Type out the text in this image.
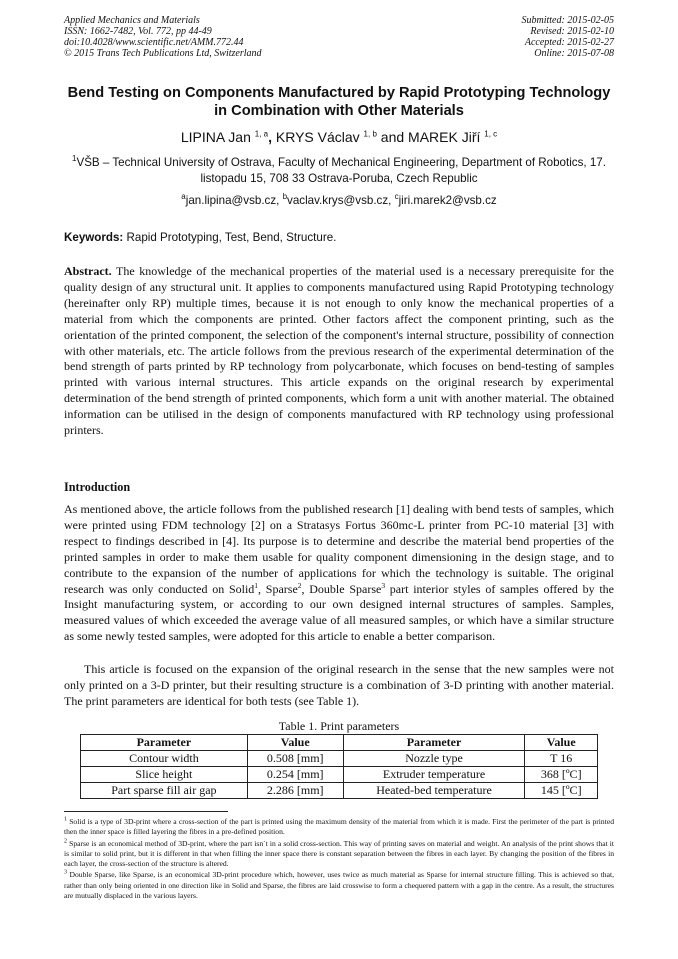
Applied Mechanics and Materials
ISSN: 1662-7482, Vol. 772, pp 44-49
doi:10.4028/www.scientific.net/AMM.772.44
© 2015 Trans Tech Publications Ltd, Switzerland
Submitted: 2015-02-05
Revised: 2015-02-10
Accepted: 2015-02-27
Online: 2015-07-08
Bend Testing on Components Manufactured by Rapid Prototyping Technology in Combination with Other Materials
LIPINA Jan $^{1, a}$, KRYS Václav $^{1, b}$ and MAREK Jiří $^{1, c}$
$^1$VŠB – Technical University of Ostrava, Faculty of Mechanical Engineering, Department of Robotics, 17. listopadu 15, 708 33 Ostrava-Poruba, Czech Republic
$^a$jan.lipina@vsb.cz, $^b$vaclav.krys@vsb.cz, $^c$jiri.marek2@vsb.cz
Keywords: Rapid Prototyping, Test, Bend, Structure.
Abstract. The knowledge of the mechanical properties of the material used is a necessary prerequisite for the quality design of any structural unit. It applies to components manufactured using Rapid Prototyping technology (hereinafter only RP) multiple times, because it is not enough to only know the mechanical properties of a material from which the components are printed. Other factors affect the component printing, such as the orientation of the printed component, the selection of the component's internal structure, possibility of connection with other materials, etc. The article follows from the previous research of the experimental determination of the bend strength of parts printed by RP technology from polycarbonate, which focuses on bend-testing of samples printed with various internal structures. This article expands on the original research by experimental determination of the bend strength of printed components, which form a unit with another material. The obtained information can be utilised in the design of components manufactured with RP technology using professional printers.
Introduction
As mentioned above, the article follows from the published research [1] dealing with bend tests of samples, which were printed using FDM technology [2] on a Stratasys Fortus 360mc-L printer from PC-10 material [3] with respect to findings described in [4]. Its purpose is to determine and describe the material bend properties of the printed samples in order to make them usable for quality component dimensioning in the design stage, and to contribute to the expansion of the number of applications for which the technology is suitable. The original research was only conducted on Solid$^1$, Sparse$^2$, Double Sparse$^3$ part interior styles of samples offered by the Insight manufacturing system, or according to our own designed internal structures of samples. Samples, measured values of which exceeded the average value of all measured samples, or which have a similar structure as some newly tested samples, were adopted for this article to enable a better comparison.
This article is focused on the expansion of the original research in the sense that the new samples were not only printed on a 3-D printer, but their resulting structure is a combination of 3-D printing with another material. The print parameters are identical for both tests (see Table 1).
Table 1. Print parameters
Parameter	Value	Parameter	Value
Contour width	0.508 [mm]	Nozzle type	T 16
Slice height	0.254 [mm]	Extruder temperature	368 [ºC]
Part sparse fill air gap	2.286 [mm]	Heated-bed temperature	145 [ºC]

$^1$ Solid is a type of 3D-print where a cross-section of the part is printed using the maximum density of the material from which it is made. First the perimeter of the part is printed then the inner space is filled layering the fibres in a pre-defined position.

$^2$ Sparse is an economical method of 3D-print, where the part isn´t in a solid cross-section. This way of printing saves on material and weight. An analysis of the print shows that it is similar to solid print, but it is different in that when filling the inner space there is constant separation between the fibres in each layer. By changing the position of the fibres in each layer, the cross-section of the structure is altered.

$^3$ Double Sparse, like Sparse, is an economical 3D-print procedure which, however, uses twice as much material as Sparse for internal structure filling. This is achieved so that, rather than only being oriented in one direction like in Solid and Sparse, the fibres are laid crosswise to form a chequered pattern with a gap in the centre. As a result, the structures are mutually displaced in the various layers.
